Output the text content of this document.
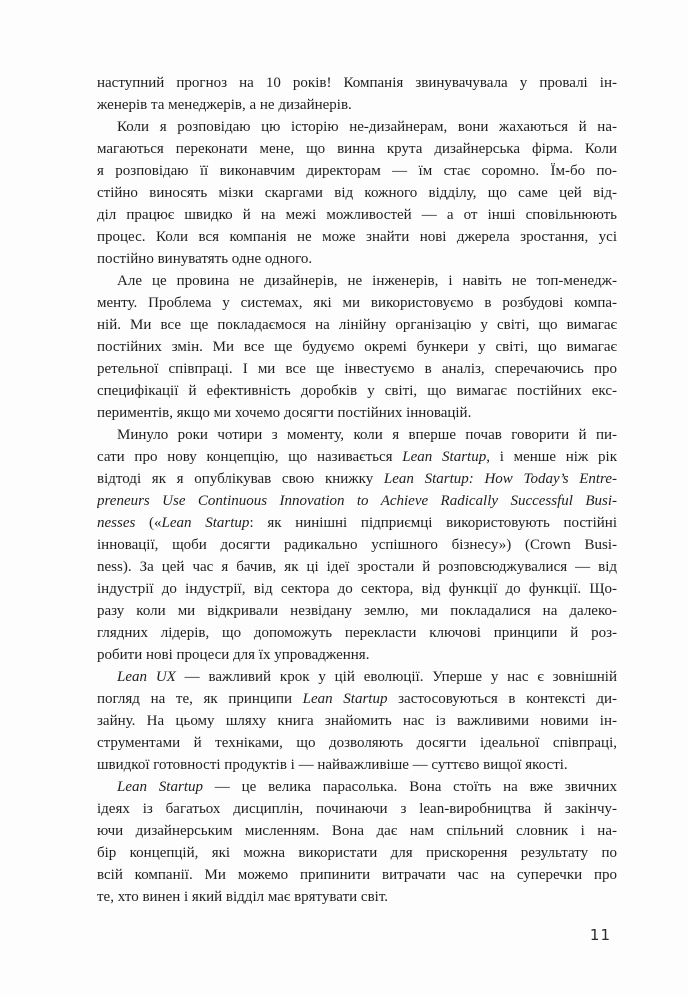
наступний прогноз на 10 років! Компанія звинувачувала у провалі ін-
женерів та менеджерів, а не дизайнерів.
Коли я розповідаю цю історію не-дизайнерам, вони жахаються й на-
магаються переконати мене, що винна крута дизайнерська фірма. Коли
я розповідаю її виконавчим директорам — їм стає соромно. Їм-бо по-
стійно виносять мізки скаргами від кожного відділу, що саме цей від-
діл працює швидко й на межі можливостей — а от інші сповільнюють
процес. Коли вся компанія не може знайти нові джерела зростання, усі
постійно винуватять одне одного.
Але це провина не дизайнерів, не інженерів, і навіть не топ-менедж-
менту. Проблема у системах, які ми використовуємо в розбудові компа-
ній. Ми все ще покладаємося на лінійну організацію у світі, що вимагає
постійних змін. Ми все ще будуємо окремі бункери у світі, що вимагає
ретельної співпраці. І ми все ще інвестуємо в аналіз, сперечаючись про
специфікації й ефективність доробків у світі, що вимагає постійних екс-
периментів, якщо ми хочемо досягти постійних інновацій.
Минуло роки чотири з моменту, коли я вперше почав говорити й пи-
сати про нову концепцію, що називається Lean Startup, і менше ніж рік
відтоді як я опублікував свою книжку Lean Startup: How Today’s Entre-
preneurs Use Continuous Innovation to Achieve Radically Successful Busi-
nesses («Lean Startup: як нинішні підприємці використовують постійні
інновації, щоби досягти радикально успішного бізнесу») (Crown Busi-
ness). За цей час я бачив, як ці ідеї зростали й розповсюджувалися — від
індустрії до індустрії, від сектора до сектора, від функції до функції. Що-
разу коли ми відкривали незвідану землю, ми покладалися на далеко-
глядних лідерів, що допоможуть перекласти ключові принципи й роз-
робити нові процеси для їх упровадження.
Lean UX — важливий крок у цій еволюції. Уперше у нас є зовнішній
погляд на те, як принципи Lean Startup застосовуються в контексті ди-
зайну. На цьому шляху книга знайомить нас із важливими новими ін-
струментами й техніками, що дозволяють досягти ідеальної співпраці,
швидкої готовності продуктів і — найважливіше — суттєво вищої якості.
Lean Startup — це велика парасолька. Вона стоїть на вже звичних
ідеях із багатьох дисциплін, починаючи з lean-виробництва й закінчу-
ючи дизайнерським мисленням. Вона дає нам спільний словник і на-
бір концепцій, які можна використати для прискорення результату по
всій компанії. Ми можемо припинити витрачати час на суперечки про
те, хто винен і який відділ має врятувати світ.
11
